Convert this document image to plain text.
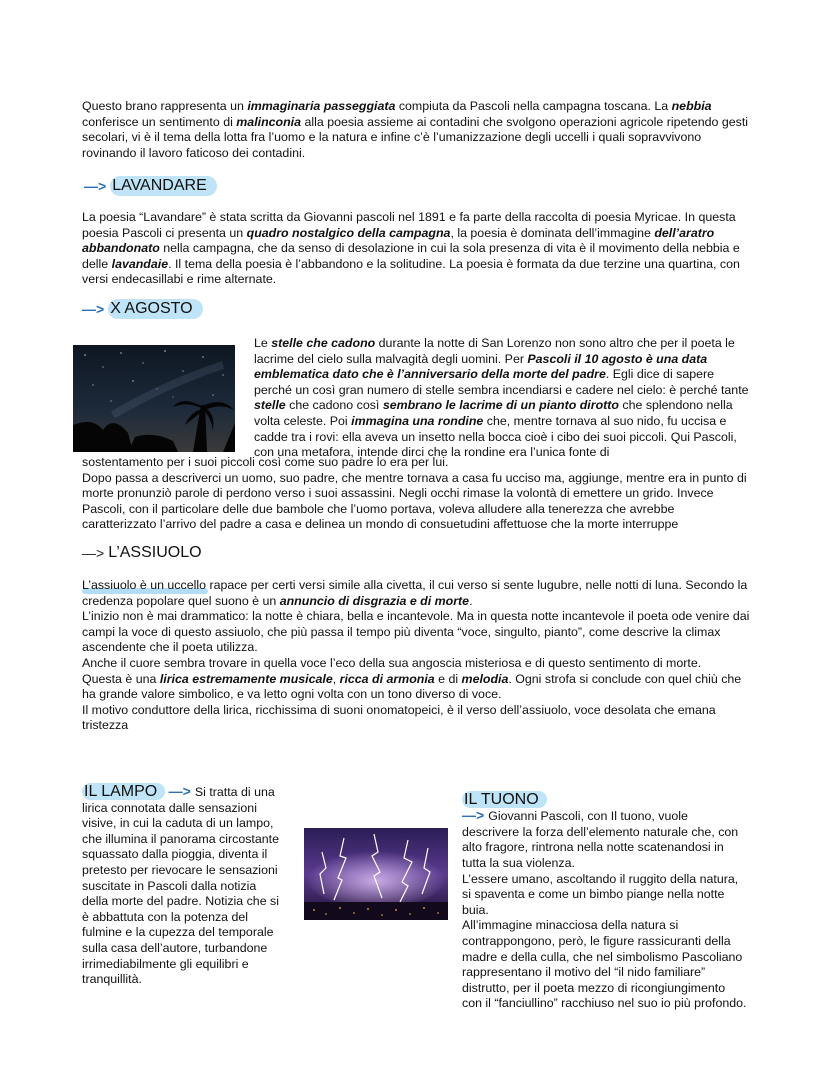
Questo brano rappresenta un immaginaria passeggiata compiuta da Pascoli nella campagna toscana. La nebbia conferisce un sentimento di malinconia alla poesia assieme ai contadini che svolgono operazioni agricole ripetendo gesti secolari, vi è il tema della lotta fra l’uomo e la natura e infine c’è l’umanizzazione degli uccelli i quali sopravvivono rovinando il lavoro faticoso dei contadini.

—> LAVANDARE

La poesia “Lavandare” è stata scritta da Giovanni pascoli nel 1891 e fa parte della raccolta di poesia Myricae. In questa poesia Pascoli ci presenta un quadro nostalgico della campagna, la poesia è dominata dell’immagine dell’aratro abbandonato nella campagna, che da senso di desolazione in cui la sola presenza di vita è il movimento della nebbia e delle lavandaie. Il tema della poesia è l’abbandono e la solitudine. La poesia è formata da due terzine una quartina, con versi endecasillabi e rime alternate.

—> X AGOSTO

Le stelle che cadono durante la notte di San Lorenzo non sono altro che per il poeta le lacrime del cielo sulla malvagità degli uomini. Per Pascoli il 10 agosto è una data emblematica dato che è l’anniversario della morte del padre. Egli dice di sapere perché un così gran numero di stelle sembra incendiarsi e cadere nel cielo: è perché tante stelle che cadono così sembrano le lacrime di un pianto dirotto che splendono nella volta celeste. Poi immagina una rondine che, mentre tornava al suo nido, fu uccisa e cadde tra i rovi: ella aveva un insetto nella bocca cioè i cibo dei suoi piccoli. Qui Pascoli, con una metafora, intende dirci che la rondine era l’unica fonte di

sostentamento per i suoi piccoli così come suo padre lo era per lui.
Dopo passa a descriverci un uomo, suo padre, che mentre tornava a casa fu ucciso ma, aggiunge, mentre era in punto di morte pronunziò parole di perdono verso i suoi assassini. Negli occhi rimase la volontà di emettere un grido. Invece Pascoli, con il particolare delle due bambole che l’uomo portava, voleva alludere alla tenerezza che avrebbe caratterizzato l’arrivo del padre a casa e delinea un mondo di consuetudini affettuose che la morte interruppe

—> L’ASSIUOLO
L’assiuolo è un uccello rapace per certi versi simile alla civetta, il cui verso si sente lugubre, nelle notti di luna. Secondo la credenza popolare quel suono è un annuncio di disgrazia e di morte.
L’inizio non è mai drammatico: la notte è chiara, bella e incantevole. Ma in questa notte incantevole il poeta ode venire dai campi la voce di questo assiuolo, che più passa il tempo più diventa “voce, singulto, pianto”, come descrive la climax ascendente che il poeta utilizza.
Anche il cuore sembra trovare in quella voce l’eco della sua angoscia misteriosa e di questo sentimento di morte.
Questa è una lirica estremamente musicale, ricca di armonia e di melodia. Ogni strofa si conclude con quel chiù che ha grande valore simbolico, e va letto ogni volta con un tono diverso di voce.
Il motivo conduttore della lirica, ricchissima di suoni onomatopeici, è il verso dell’assiuolo, voce desolata che emana tristezza
IL LAMPO —> Si tratta di una lirica connotata dalle sensazioni visive, in cui la caduta di un lampo, che illumina il panorama circostante squassato dalla pioggia, diventa il pretesto per rievocare le sensazioni suscitate in Pascoli dalla notizia della morte del padre. Notizia che si è abbattuta con la potenza del fulmine e la cupezza del temporale sulla casa dell’autore, turbandone irrimediabilmente gli equilibri e tranquillità.

IL TUONO
—> Giovanni Pascoli, con Il tuono, vuole descrivere la forza dell’elemento naturale che, con alto fragore, rintrona nella notte scatenandosi in tutta la sua violenza.
L’essere umano, ascoltando il ruggito della natura, si spaventa e come un bimbo piange nella notte buia.
All’immagine minacciosa della natura si contrappongono, però, le figure rassicuranti della madre e della culla, che nel simbolismo Pascoliano rappresentano il motivo del “il nido familiare” distrutto, per il poeta mezzo di ricongiungimento con il “fanciullino” racchiuso nel suo io più profondo.
